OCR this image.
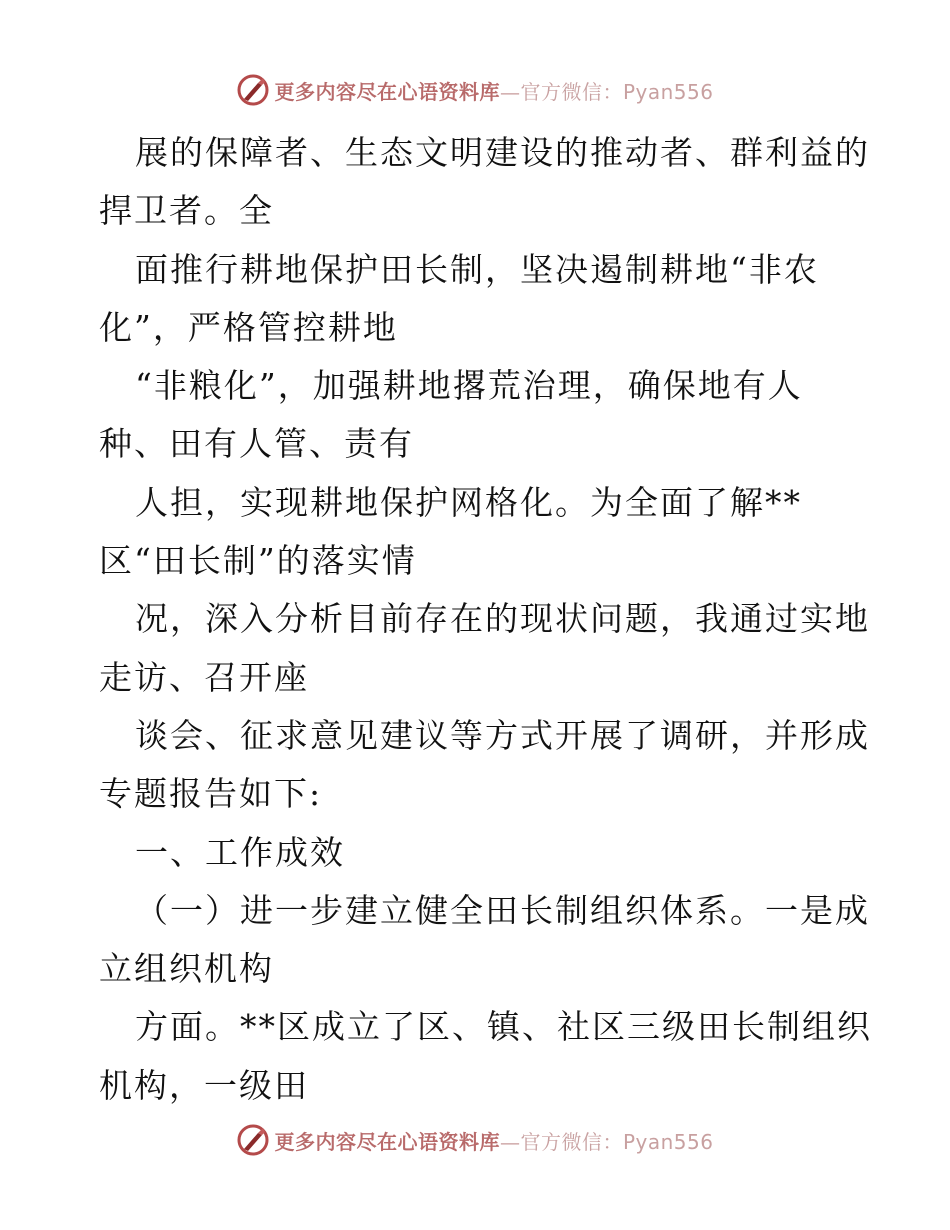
更多内容尽在心语资料库—官方微信：Pyan556
展的保障者、生态文明建设的推动者、群利益的
捍卫者。全
面推行耕地保护田长制，坚决遏制耕地“非农
化”，严格管控耕地
“非粮化”，加强耕地撂荒治理，确保地有人
种、田有人管、责有
人担，实现耕地保护网格化。为全面了解**
区“田长制”的落实情
况，深入分析目前存在的现状问题，我通过实地
走访、召开座
谈会、征求意见建议等方式开展了调研，并形成
专题报告如下:
一、工作成效
（一）进一步建立健全田长制组织体系。一是成
立组织机构
方面。**区成立了区、镇、社区三级田长制组织
机构，一级田
更多内容尽在心语资料库—官方微信：Pyan556
